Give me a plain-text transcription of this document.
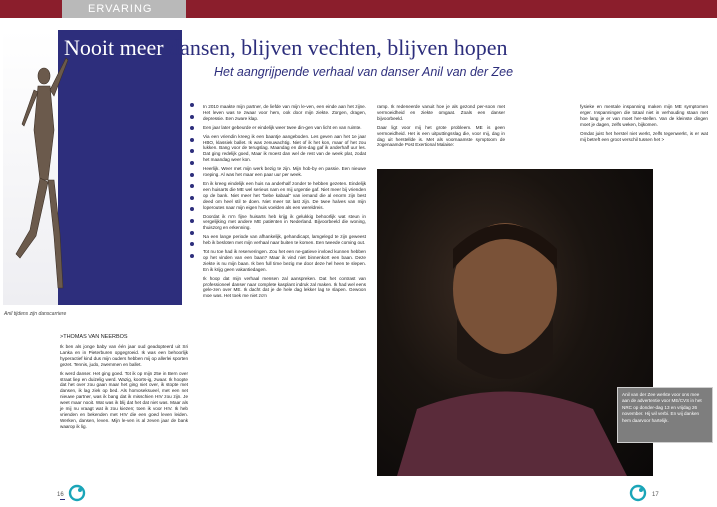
ERVARING
Anil tijdens zijn danscarriere
Nooit meer dansen, blijven vechten, blijven hopen
Het aangrijpende verhaal van danser Anil van der Zee
>THOMAS VAN NEERBOS

Ik ben als jonge baby van één jaar oud geadopteerd uit Sri Lanka en in Pieterburen opgegroeid. Ik was een behoorlijk hyperactief kind dus mijn ouders hebben mij op allerlei sporten gezet. Tennis, judo, zwemmen en ballet.

Ik werd danser. Het ging goed. Tot ik op mijn 25e in Bern over straat liep en duizelig werd. Wazig, koorts-ig, zwaar. Ik hoopte dat het over zou gaan maar het ging niet over, ik stopte met dansen, ik lag ziek op bed. Als homoseksueel, met een net nieuwe partner, was ik bang dat ik misschien HIV zou zijn. Je weet maar nooit. Wat was ik blij dat het dat niet was. Maar als je mij nu vraagt wat ik zou kiezen; toen ik voor HIV. Ik heb vrienden en bekenden met HIV die een goed leven leiden. Werken, dansen, leven. Mijn le-ven is al zeven jaar de bank waarop ik lig.

In 2010 maakte mijn partner, de liefde van mijn le-ven, een einde aan het zijne. Het leven was te zwaar voor hem, ook door mijn ziekte. Zorgen, dragen, depressie. Een zware klap.

Een jaar later gebeurde er eindelijk weer twee din-gen van licht en van ruimte.

Via een vriendin kreeg ik een baantje aangeboden. Les geven aan het 1e jaar HBO, klassiek ballet. Ik was zenuwachtig. Niet of ik het kon, maar of het zou lukken. Bang voor de terugslag. Maandag en dins-dag gaf ik anderhalf uur les. Dat ging redelijk goed, Maar ik moest dan wel de rest van de week plat, zodat het maandag weer kon.

Heerlijk. Weer met mijn werk bezig te zijn. Mijn hob-by en passie. Een nieuwe roeping. Al was het maar een paar uur per week.

En ik kreeg eindelijk een huis na anderhalf zonder te hebben gezeten. Eindelijk een huisarts die ME wel serieus nam en mij urgentie gaf. Niet meer bij vrienden op de bank. Niet meer het "bebe kabaal" van iemand die al enorm zijn best deed om heel stil te doen. Niet meer tot last zijn. De twee halves van mijn loperoutes naar mijn eigen huis voelden als een wereldreis.

Doordat ik m'n fijne huisarts heb krijg ik gelukkig behoorlijk wat steun in vergelijking met andere ME patiënten in Nederland. Bijvoorbeeld die woning, thuiszorg en erkenning.

Na een lange periode van afhankelijk, gehandicapt, lamgelegd te zijn geweest heb ik besloten met mijn verhaal naar buiten te komen. Een tweede coming out.

Tot nu toe had ik reserveringen. Zou het een ne-gatieve invloed kunnen hebben op het vinden van een baan? Maar ik vind niet binnenkort een baan. Deze ziekte is nu mijn baan. Ik ben full time bezig me door deze hel heen te slepen. En ik krijg geen vakantiedagen.

Ik hoop dat mijn verhaal mensen zal aanspreken. Dat het contrast van professioneel danser naar complete kasplant indruk zal maken. Ik had wel eens gele-zen over ME. Ik dacht dat je de hele dag lekker lag te slapen. Gewoon moe was. Het toek me niet zo'n

ramp. Ik redeneerde vanuit hoe je als gezond per-soon met vermoeidheid en ziekte omgaat. Zoals een danser bijvoorbeeld.

Daar ligt voor mij het grote probleem. ME is geen vermoeidheid. Het is een uitputtingsslag die, voor mij, dag in dag uit herstellde is. Met als voornaamste symptoom de zogenaamde Post Exertional Malaise:

fysieke en mentale inspanning maken mijn ME symptomen erger. Inspanningen die totaal niet in verhouding staan met hoe lang je er van moet her-stellen. Van de kleinste dingen moet je dagen, zelfs weken, bijkomen.

Omdat juist het herstel niet werkt, zelfs tegenwerkt, is er wat mij betreft een groot verschil tussen het >

Anil van der Zee werkte voor ons mee aan de advertentie voor ME/CVS in het NRC op donder-dag 13 en vrijdag 26 november. Hij wil verbi. En wij danken hem daarvoor hartelijk.
16	17
